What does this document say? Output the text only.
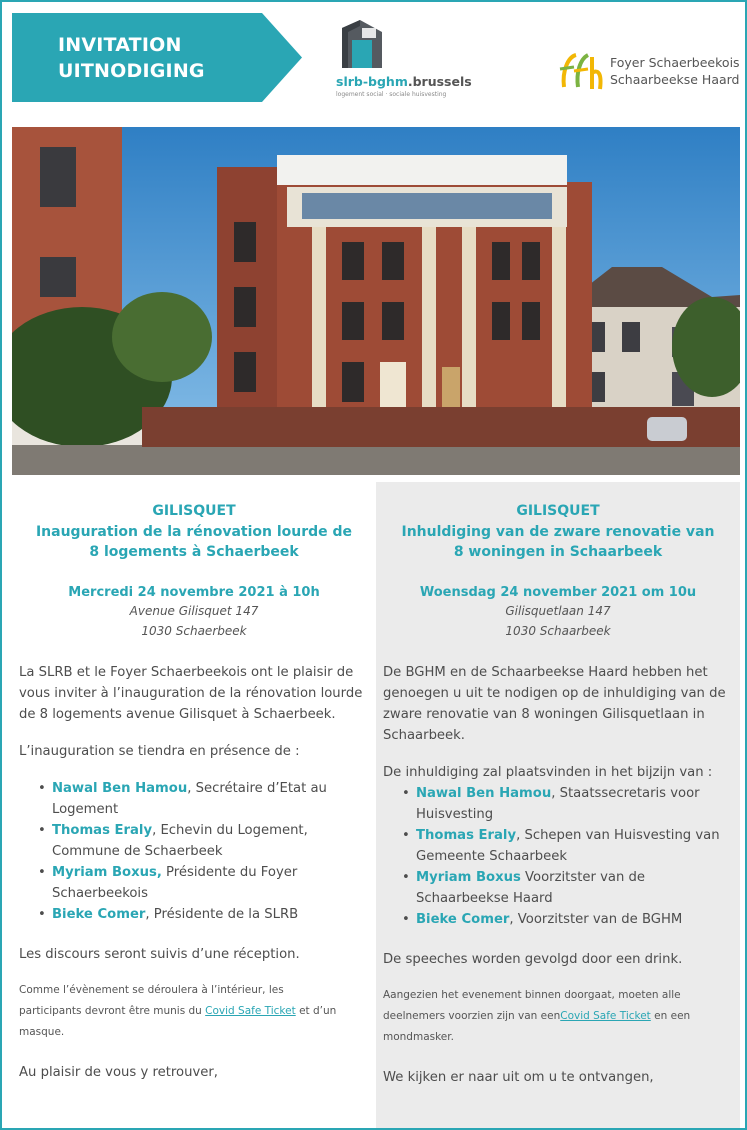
INVITATION
UITNODIGING	slrb-bghm.brussels
logement social · sociale huisvesting
Foyer Schaerbeekois
Schaarbeekse Haard
GILISQUET
Inauguration de la rénovation lourde de
8 logements à Schaerbeek
Mercredi 24 novembre 2021 à 10h
Avenue Gilisquet 147
1030 Schaerbeek
La SLRB et le Foyer Schaerbeekois ont le plaisir de vous inviter à l’inauguration de la rénovation lourde de 8 logements avenue Gilisquet à Schaerbeek.
L’inauguration se tiendra en présence de :
• Nawal Ben Hamou, Secrétaire d’Etat au Logement
• Thomas Eraly, Echevin du Logement, Commune de Schaerbeek
• Myriam Boxus, Présidente du Foyer Schaerbeekois
• Bieke Comer, Présidente de la SLRB
Les discours seront suivis d’une réception.
Comme l’évènement se déroulera à l’intérieur, les participants devront être munis du Covid Safe Ticket et d’un masque.
Au plaisir de vous y retrouver,
GILISQUET
Inhuldiging van de zware renovatie van
8 woningen in Schaarbeek
Woensdag 24 november 2021 om 10u
Gilisquetlaan 147
1030 Schaarbeek
De BGHM en de Schaarbeekse Haard hebben het genoegen u uit te nodigen op de inhuldiging van de zware renovatie van 8 woningen Gilisquetlaan in Schaarbeek.
De inhuldiging zal plaatsvinden in het bijzijn van :
• Nawal Ben Hamou, Staatssecretaris voor Huisvesting
• Thomas Eraly, Schepen van Huisvesting van Gemeente Schaarbeek
• Myriam Boxus Voorzitster van de Schaarbeekse Haard
• Bieke Comer, Voorzitster van de BGHM
De speeches worden gevolgd door een drink.
Aangezien het evenement binnen doorgaat, moeten alle deelnemers voorzien zijn van eenCovid Safe Ticket en een mondmasker.
We kijken er naar uit om u te ontvangen,
